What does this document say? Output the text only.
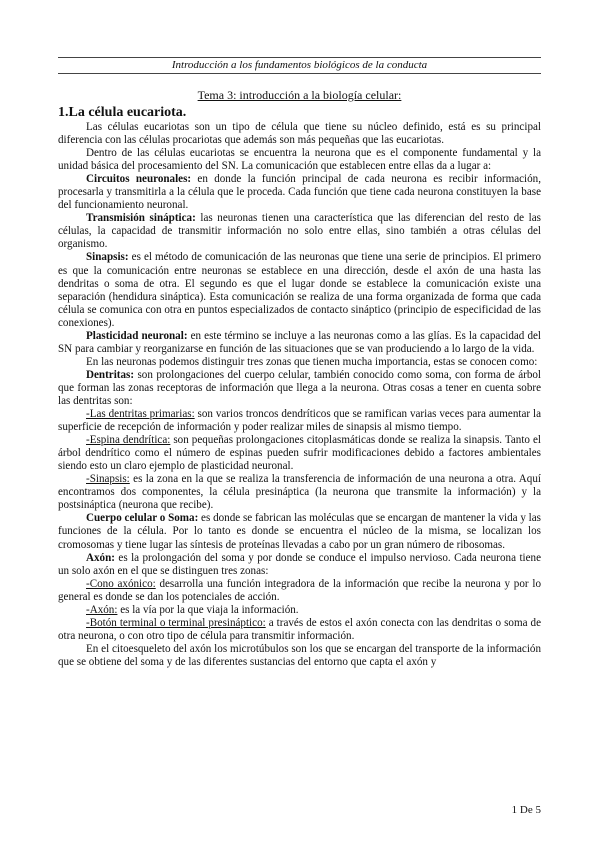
Introducción a los fundamentos biológicos de la conducta
Tema 3: introducción a la biología celular:
1.La célula eucariota.

Las células eucariotas son un tipo de célula que tiene su núcleo definido, está es su principal diferencia con las células procariotas que además son más pequeñas que las eucariotas.

Dentro de las células eucariotas se encuentra la neurona que es el componente fundamental y la unidad básica del procesamiento del SN. La comunicación que establecen entre ellas da a lugar a:

Circuitos neuronales: en donde la función principal de cada neurona es recibir información, procesarla y transmitirla a la célula que le proceda. Cada función que tiene cada neurona constituyen la base del funcionamiento neuronal.

Transmisión sináptica: las neuronas tienen una característica que las diferencian del resto de las células, la capacidad de transmitir información no solo entre ellas, sino también a otras células del organismo.

Sinapsis: es el método de comunicación de las neuronas que tiene una serie de principios. El primero es que la comunicación entre neuronas se establece en una dirección, desde el axón de una hasta las dendritas o soma de otra. El segundo es que el lugar donde se establece la comunicación existe una separación (hendidura sináptica). Esta comunicación se realiza de una forma organizada de forma que cada célula se comunica con otra en puntos especializados de contacto sináptico (principio de especificidad de las conexiones).

Plasticidad neuronal: en este término se incluye a las neuronas como a las glías. Es la capacidad del SN para cambiar y reorganizarse en función de las situaciones que se van produciendo a lo largo de la vida.

En las neuronas podemos distinguir tres zonas que tienen mucha importancia, estas se conocen como:

Dentritas: son prolongaciones del cuerpo celular, también conocido como soma, con forma de árbol que forman las zonas receptoras de información que llega a la neurona. Otras cosas a tener en cuenta sobre las dentritas son:

-Las dentritas primarias: son varios troncos dendríticos que se ramifican varias veces para aumentar la superficie de recepción de información y poder realizar miles de sinapsis al mismo tiempo.

-Espina dendrítica: son pequeñas prolongaciones citoplasmáticas donde se realiza la sinapsis. Tanto el árbol dendrítico como el número de espinas pueden sufrir modificaciones debido a factores ambientales siendo esto un claro ejemplo de plasticidad neuronal.

-Sinapsis: es la zona en la que se realiza la transferencia de información de una neurona a otra. Aquí encontramos dos componentes, la célula presináptica (la neurona que transmite la información) y la postsináptica (neurona que recibe).

Cuerpo celular o Soma: es donde se fabrican las moléculas que se encargan de mantener la vida y las funciones de la célula. Por lo tanto es donde se encuentra el núcleo de la misma, se localizan los cromosomas y tiene lugar las síntesis de proteínas llevadas a cabo por un gran número de ribosomas.

Axón: es la prolongación del soma y por donde se conduce el impulso nervioso. Cada neurona tiene un solo axón en el que se distinguen tres zonas:

-Cono axónico: desarrolla una función integradora de la información que recibe la neurona y por lo general es donde se dan los potenciales de acción.

-Axón: es la vía por la que viaja la información.

-Botón terminal o terminal presináptico: a través de estos el axón conecta con las dendritas o soma de otra neurona, o con otro tipo de célula para transmitir información.

En el citoesqueleto del axón los microtúbulos son los que se encargan del transporte de la información que se obtiene del soma y de las diferentes sustancias del entorno que capta el axón y

1 De 5
